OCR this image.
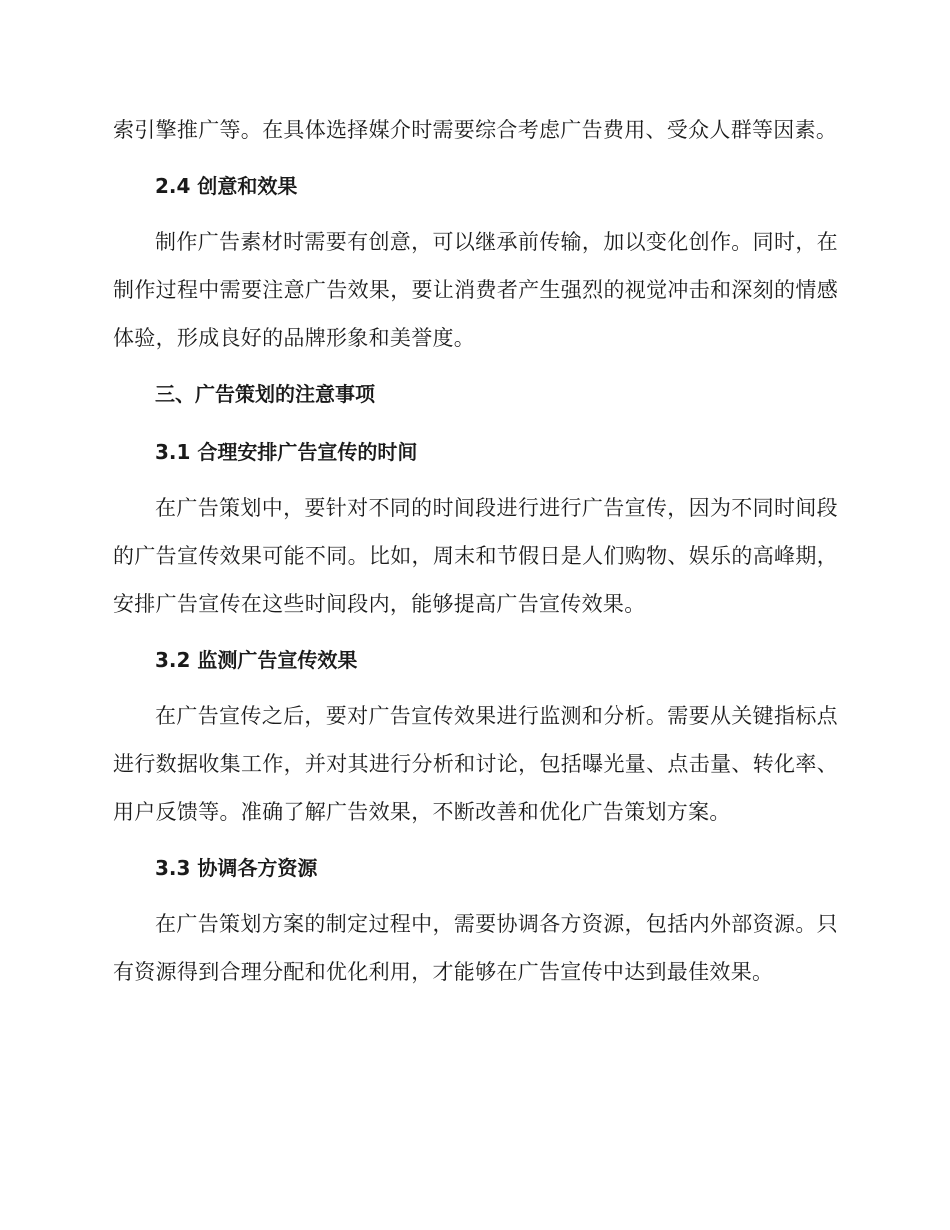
索引擎推广等。在具体选择媒介时需要综合考虑广告费用、受众人群等因素。

2.4 创意和效果

制作广告素材时需要有创意，可以继承前传输，加以变化创作。同时，在制作过程中需要注意广告效果，要让消费者产生强烈的视觉冲击和深刻的情感体验，形成良好的品牌形象和美誉度。

三、广告策划的注意事项
3.1 合理安排广告宣传的时间

在广告策划中，要针对不同的时间段进行进行广告宣传，因为不同时间段的广告宣传效果可能不同。比如，周末和节假日是人们购物、娱乐的高峰期，安排广告宣传在这些时间段内，能够提高广告宣传效果。

3.2 监测广告宣传效果

在广告宣传之后，要对广告宣传效果进行监测和分析。需要从关键指标点进行数据收集工作，并对其进行分析和讨论，包括曝光量、点击量、转化率、用户反馈等。准确了解广告效果，不断改善和优化广告策划方案。

3.3 协调各方资源

在广告策划方案的制定过程中，需要协调各方资源，包括内外部资源。只有资源得到合理分配和优化利用，才能够在广告宣传中达到最佳效果。
